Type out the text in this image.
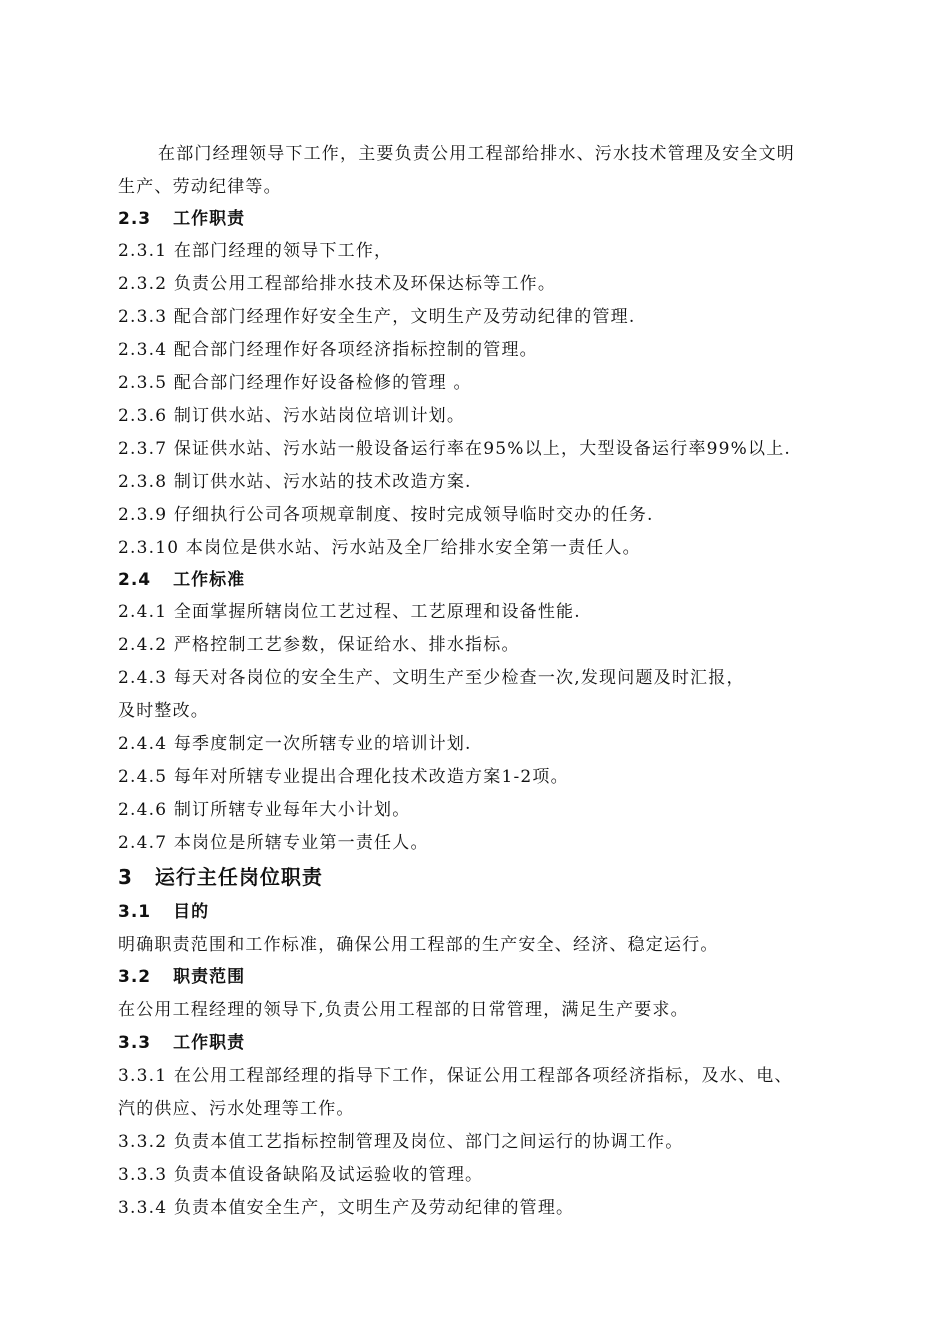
在部门经理领导下工作，主要负责公用工程部给排水、污水技术管理及安全文明
生产、劳动纪律等。
2.3 工作职责
2.3.1 在部门经理的领导下工作，
2.3.2 负责公用工程部给排水技术及环保达标等工作。
2.3.3 配合部门经理作好安全生产，文明生产及劳动纪律的管理.
2.3.4 配合部门经理作好各项经济指标控制的管理。
2.3.5 配合部门经理作好设备检修的管理 。
2.3.6 制订供水站、污水站岗位培训计划。
2.3.7 保证供水站、污水站一般设备运行率在95%以上，大型设备运行率99%以上.
2.3.8 制订供水站、污水站的技术改造方案.
2.3.9 仔细执行公司各项规章制度、按时完成领导临时交办的任务.
2.3.10 本岗位是供水站、污水站及全厂给排水安全第一责任人。
2.4 工作标准
2.4.1 全面掌握所辖岗位工艺过程、工艺原理和设备性能.
2.4.2 严格控制工艺参数，保证给水、排水指标。
2.4.3 每天对各岗位的安全生产、文明生产至少检查一次,发现问题及时汇报，
及时整改。
2.4.4 每季度制定一次所辖专业的培训计划.
2.4.5 每年对所辖专业提出合理化技术改造方案1-2项。
2.4.6 制订所辖专业每年大小计划。
2.4.7 本岗位是所辖专业第一责任人。
3 运行主任岗位职责
3.1 目的
明确职责范围和工作标准，确保公用工程部的生产安全、经济、稳定运行。
3.2 职责范围
在公用工程经理的领导下,负责公用工程部的日常管理，满足生产要求。
3.3 工作职责
3.3.1 在公用工程部经理的指导下工作，保证公用工程部各项经济指标，及水、电、
汽的供应、污水处理等工作。
3.3.2 负责本值工艺指标控制管理及岗位、部门之间运行的协调工作。
3.3.3 负责本值设备缺陷及试运验收的管理。
3.3.4 负责本值安全生产，文明生产及劳动纪律的管理。
